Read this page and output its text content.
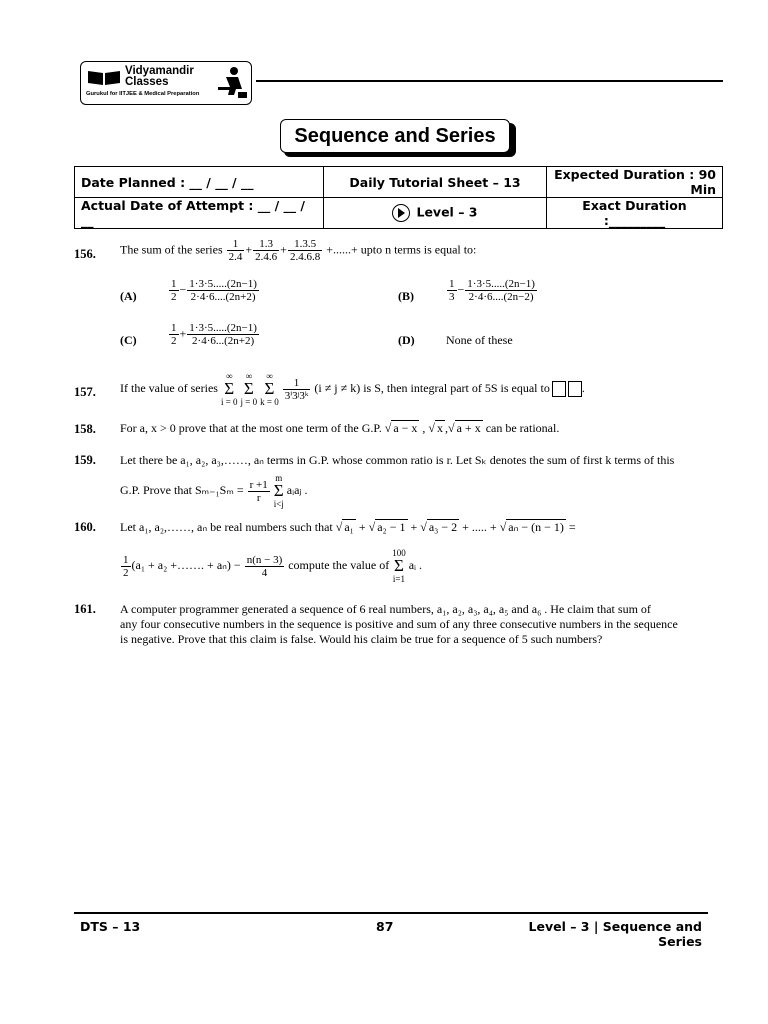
Vidyamandir
Classes
Gurukul for IITJEE & Medical Preparation
Sequence and Series
Date Planned : __ / __ / __	Daily Tutorial Sheet – 13	Expected Duration : 90 Min
Actual Date of Attempt : __ / __ / __	Level – 3	Exact Duration :_________
156. The sum of the series $\frac{1}{2.4} + \frac{1.3}{2.4.6} + \frac{1.3.5}{2.4.6.8}$ +......+ upto n terms is equal to:
(A)	$\frac{1}{2} - \frac{1\cdot 3\cdot 5.....(2n-1)}{2\cdot 4\cdot 6....(2n+2)}$	(B)	$\frac{1}{3} - \frac{1\cdot 3\cdot 5.....(2n-1)}{2\cdot 4\cdot 6....(2n-2)}$
(C)	$\frac{1}{2} + \frac{1\cdot 3\cdot 5.....(2n-1)}{2\cdot 4\cdot 6...(2n+2)}$	(D)	None of these
157. If the value of series ∞
Σ
i = 0 ∞
Σ
j = 0 ∞
Σ
k = 0
$\frac{1}{\text{3ⁱ3ʲ3ᵏ}} (i \ne j \ne k)$ is S, then integral part of 5S is equal to	.
158. For a, x > 0 prove that at the most one term of the G.P. √ a − x , √ x ,√ a + x can be rational.
159. Let there be a₁, a₂, a₃,……, aₙ terms in G.P. whose common ratio is r. Let Sₖ denotes the sum of first k terms of this
G.P. Prove that $S_{m-1}S_m = \frac{r +1}{r}$
m
Σ
i<j aᵢaⱼ .
160. Let a₁, a₂,……, aₙ be real numbers such that √ a₁ + √ a₂ − 1 + √ a₃ − 2 + ..... + √ aₙ − (n − 1) =
$\frac{1}{2} (a_1 + a_2$ +……. + $a_n) - \frac{n(n - 3)}{4}$ compute the value of 100
Σ
i=1 aᵢ .
161. A computer programmer generated a sequence of 6 real numbers, a₁, a₂, a₃, a₄, a₅ and a₆ . He claim that sum of
any four consecutive numbers in the sequence is positive and sum of any three consecutive numbers in the sequence
is negative. Prove that this claim is false. Would his claim be true for a sequence of 5 such numbers?
DTS – 13	87	Level – 3 | Sequence and Series
